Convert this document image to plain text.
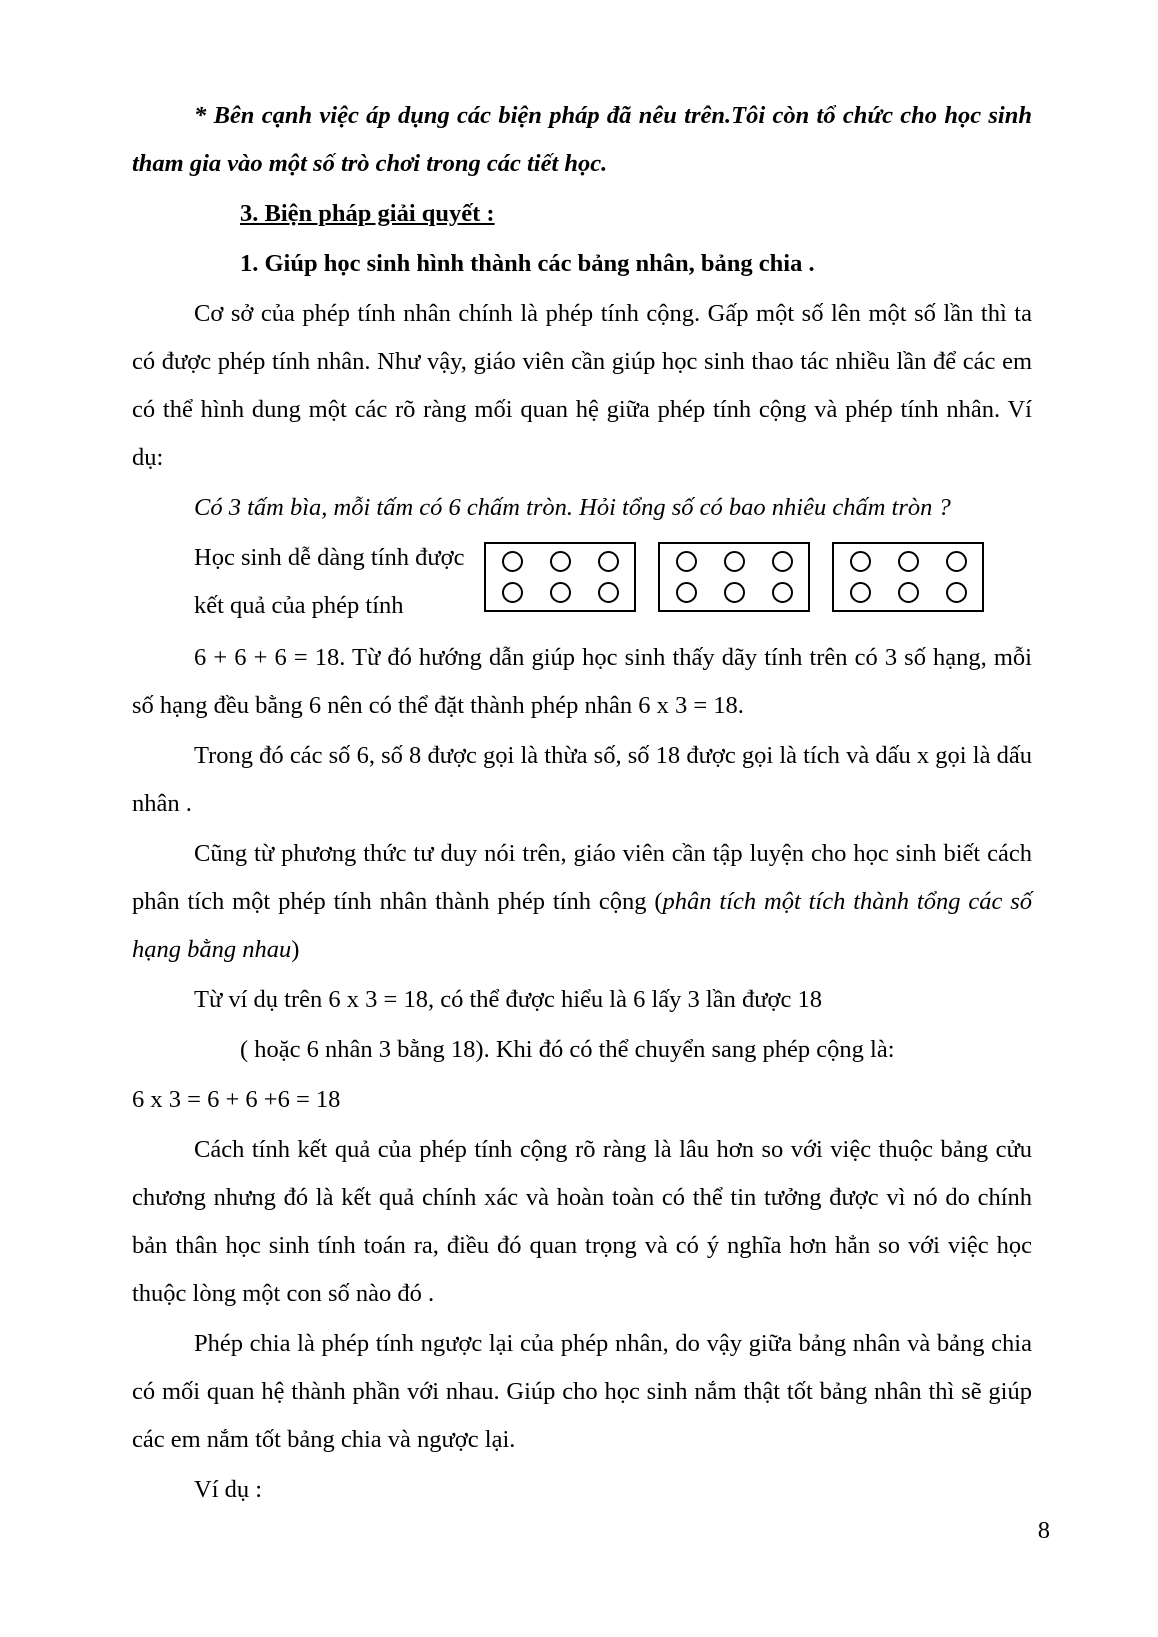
* Bên cạnh việc áp dụng các biện pháp đã nêu trên.Tôi còn tổ chức cho học sinh tham gia vào một số trò chơi trong các tiết học.

3. Biện pháp giải quyết :

1. Giúp học sinh hình thành các bảng nhân, bảng chia .

Cơ sở của phép tính nhân chính là phép tính cộng. Gấp một số lên một số lần thì ta có được phép tính nhân. Như vậy, giáo viên cần giúp học sinh thao tác nhiều lần để các em có thể hình dung một các rõ ràng mối quan hệ giữa phép tính cộng và phép tính nhân. Ví dụ:

Có 3 tấm bìa, mỗi tấm có 6 chấm tròn. Hỏi tổng số có bao nhiêu chấm tròn ?

Học sinh dễ dàng tính được kết quả của phép tính

6 + 6 + 6 = 18. Từ đó hướng dẫn giúp học sinh thấy dãy tính trên có 3 số hạng, mỗi số hạng đều bằng 6 nên có thể đặt thành phép nhân 6 x 3 = 18.

Trong đó các số 6, số 8 được gọi là thừa số, số 18 được gọi là tích và dấu x gọi là dấu nhân .

Cũng từ phương thức tư duy nói trên, giáo viên cần tập luyện cho học sinh biết cách phân tích một phép tính nhân thành phép tính cộng (phân tích một tích thành tổng các số hạng bằng nhau)

Từ ví dụ trên 6 x 3 = 18, có thể được hiểu là 6 lấy 3 lần được 18

( hoặc 6 nhân 3 bằng 18). Khi đó có thể chuyển sang phép cộng là:

6 x 3 = 6 + 6 +6 = 18

Cách tính kết quả của phép tính cộng rõ ràng là lâu hơn so với việc thuộc bảng cửu chương nhưng đó là kết quả chính xác và hoàn toàn có thể tin tưởng được vì nó do chính bản thân học sinh tính toán ra, điều đó quan trọng và có ý nghĩa hơn hẳn so với việc học thuộc lòng một con số nào đó .

Phép chia là phép tính ngược lại của phép nhân, do vậy giữa bảng nhân và bảng chia có mối quan hệ thành phần với nhau. Giúp cho học sinh nắm thật tốt bảng nhân thì sẽ giúp các em nắm tốt bảng chia và ngược lại.

Ví dụ :

8
